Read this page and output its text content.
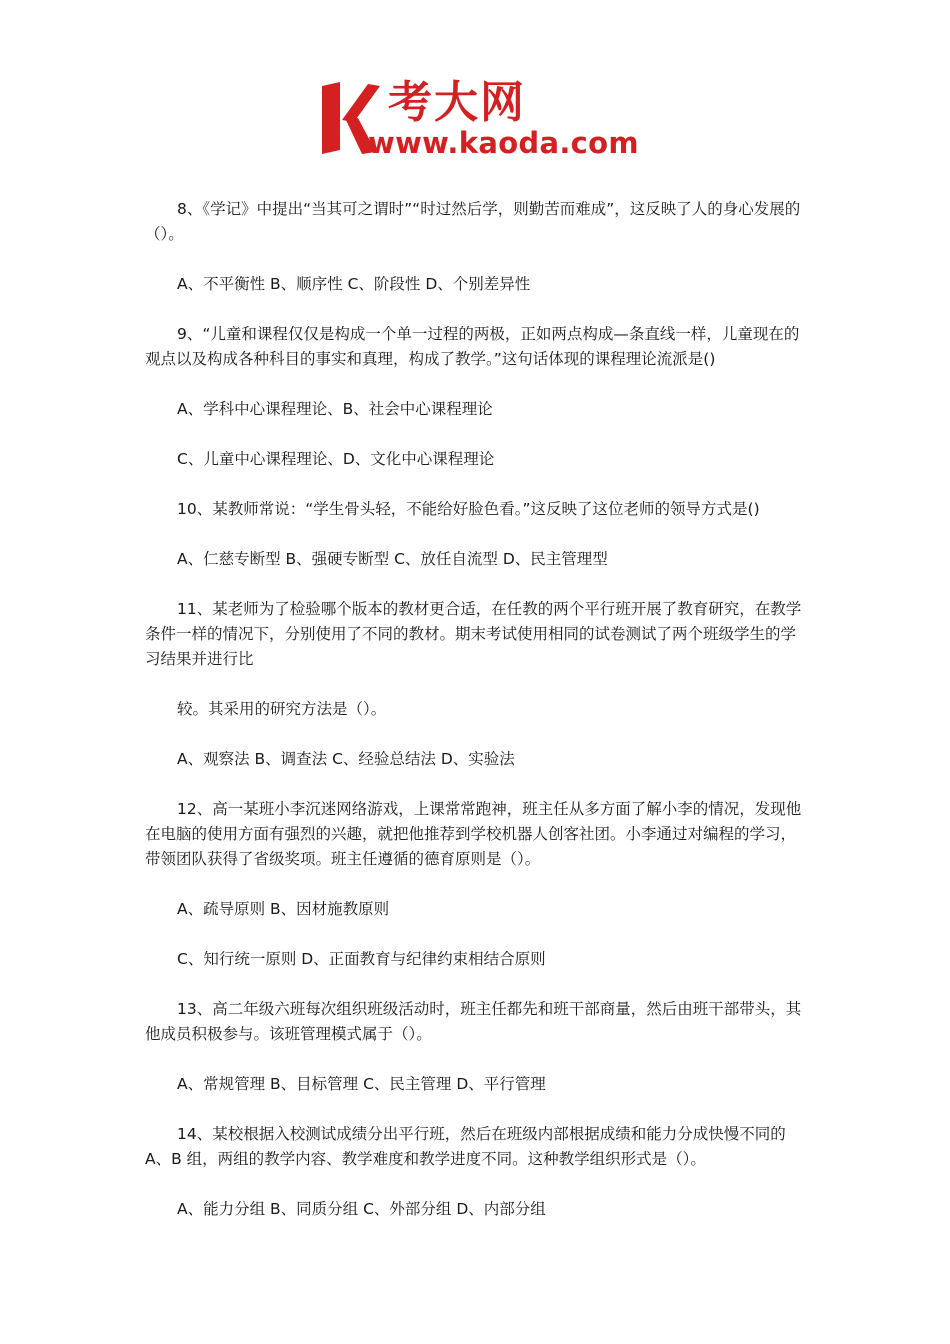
考大网
www.kaoda.com

8、《学记》中提出“当其可之谓时”“时过然后学，则勤苦而难成”，这反映了人的身心发展的（）。

A、不平衡性 B、顺序性 C、阶段性 D、个别差异性

9、“儿童和课程仅仅是构成一个单一过程的两极，正如两点构成—条直线一样，儿童现在的观点以及构成各种科目的事实和真理，构成了教学。”这句话体现的课程理论流派是()

A、学科中心课程理论、B、社会中心课程理论

C、儿童中心课程理论、D、文化中心课程理论

10、某教师常说：“学生骨头轻，不能给好脸色看。”这反映了这位老师的领导方式是()

A、仁慈专断型 B、强硬专断型 C、放任自流型 D、民主管理型

11、某老师为了检验哪个版本的教材更合适，在任教的两个平行班开展了教育研究，在教学条件一样的情况下，分别使用了不同的教材。期末考试使用相同的试卷测试了两个班级学生的学习结果并进行比

较。其采用的研究方法是（）。

A、观察法 B、调查法 C、经验总结法 D、实验法

12、高一某班小李沉迷网络游戏，上课常常跑神，班主任从多方面了解小李的情况，发现他在电脑的使用方面有强烈的兴趣，就把他推荐到学校机器人创客社团。小李通过对编程的学习，带领团队获得了省级奖项。班主任遵循的德育原则是（）。

A、疏导原则 B、因材施教原则

C、知行统一原则 D、正面教育与纪律约束相结合原则

13、高二年级六班每次组织班级活动时，班主任都先和班干部商量，然后由班干部带头，其他成员积极参与。该班管理模式属于（）。

A、常规管理 B、目标管理 C、民主管理 D、平行管理

14、某校根据入校测试成绩分出平行班，然后在班级内部根据成绩和能力分成快慢不同的 A、B 组，两组的教学内容、教学难度和教学进度不同。这种教学组织形式是（）。

A、能力分组 B、同质分组 C、外部分组 D、内部分组
